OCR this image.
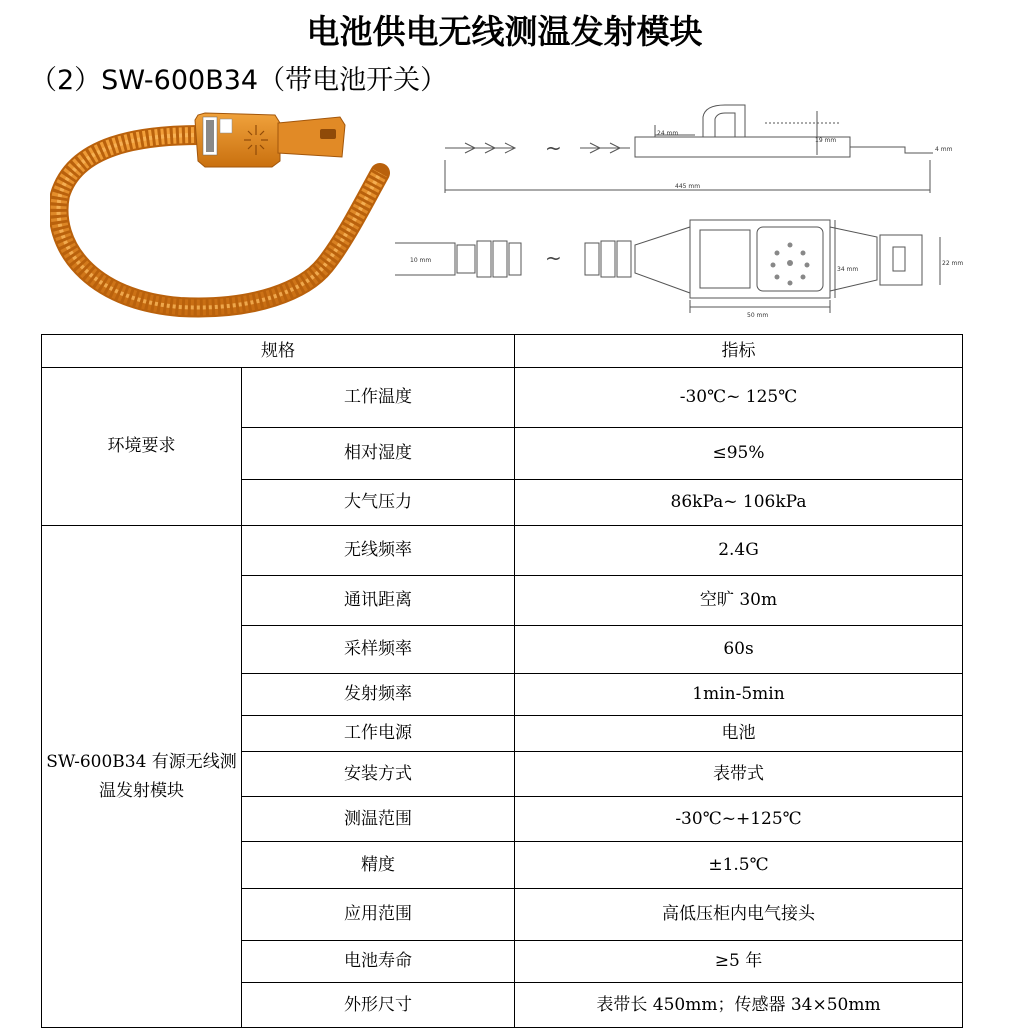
电池供电无线测温发射模块
（2）SW-600B34（带电池开关）
24 mm
19 mm
4 mm
445 mm
10 mm
34 mm
22 mm
50 mm
~
~
规格		指标
环境要求	工作温度	-30℃~ 125℃
	相对湿度	≤95%
	大气压力	86kPa~ 106kPa
SW-600B34 有源无线测温发射模块	无线频率	2.4G
	通讯距离	空旷 30m
	采样频率	60s
	发射频率	1min-5min
	工作电源	电池
	安装方式	表带式
	测温范围	-30℃~+125℃
	精度	±1.5℃
	应用范围	高低压柜内电气接头
	电池寿命	≥5 年
	外形尺寸	表带长 450mm；传感器 34×50mm
